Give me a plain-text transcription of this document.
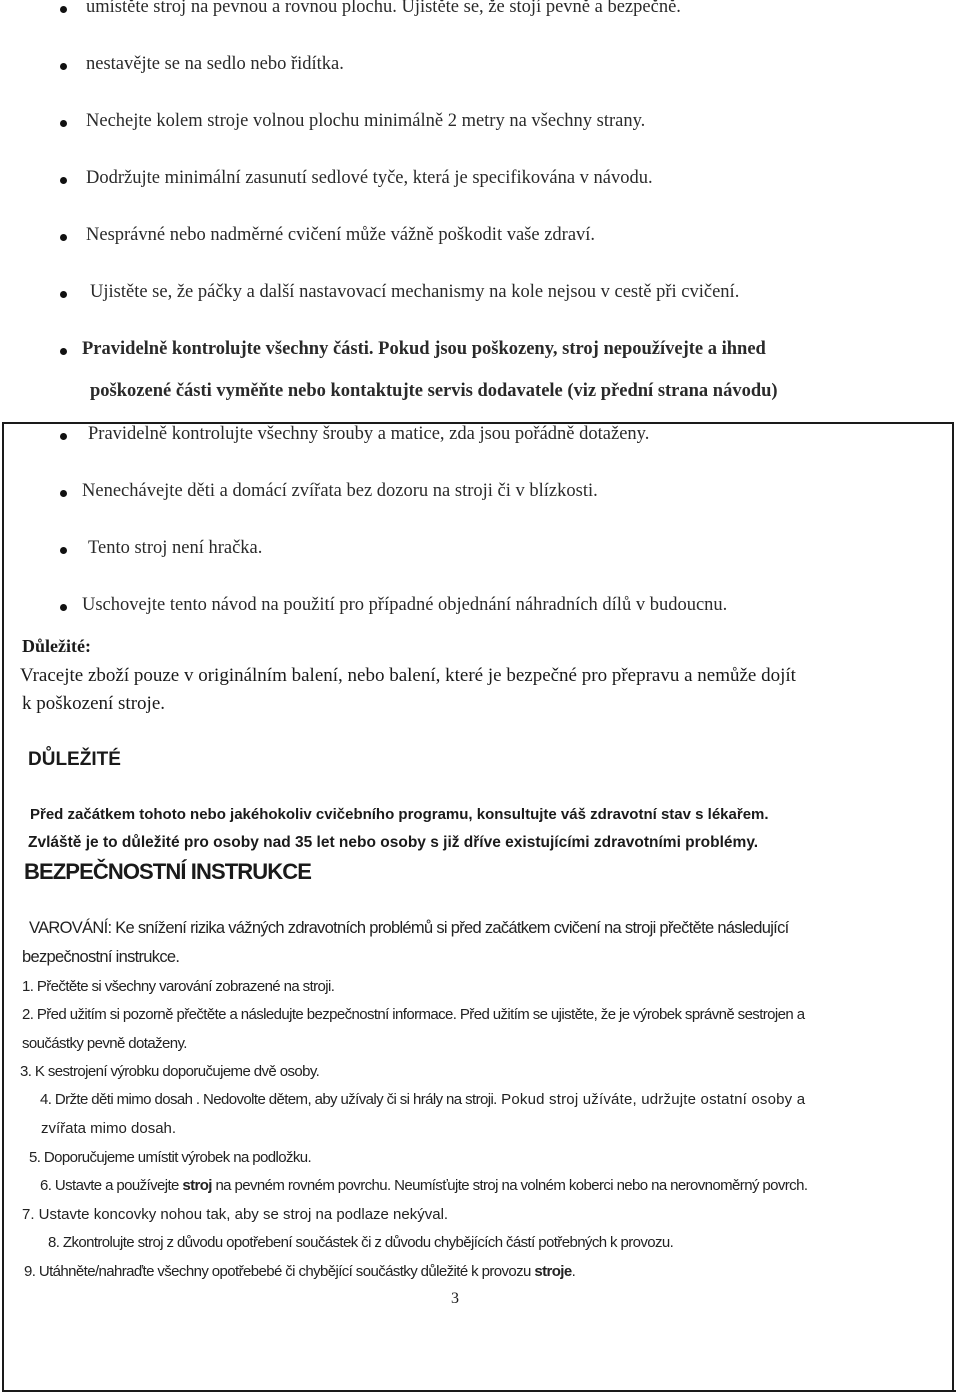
umístěte stroj na pevnou a rovnou plochu. Ujistěte se, že stojí pevně a bezpečně.
nestavějte se na sedlo nebo řidítka.
Nechejte kolem stroje volnou plochu minimálně 2 metry na všechny strany.
Dodržujte minimální zasunutí sedlové tyče, která je specifikována v návodu.
Nesprávné nebo nadměrné cvičení může vážně poškodit vaše zdraví.
Ujistěte se, že páčky a další nastavovací mechanismy na kole nejsou v cestě při cvičení.
Pravidelně kontrolujte všechny části. Pokud jsou poškozeny, stroj nepoužívejte a ihned
poškozené části vyměňte nebo kontaktujte servis dodavatele (viz přední strana návodu)
Pravidelně kontrolujte všechny šrouby a matice, zda jsou pořádně dotaženy.
Nenechávejte děti a domácí zvířata bez dozoru na stroji či v blízkosti.
Tento stroj není hračka.
Uschovejte tento návod na použití pro případné objednání náhradních dílů v budoucnu.
Důležité:
Vracejte zboží pouze v originálním balení, nebo balení, které je bezpečné pro přepravu a nemůže dojít
k poškození stroje.
DŮLEŽITÉ
Před začátkem tohoto nebo jakéhokoliv cvičebního programu, konsultujte váš zdravotní stav s lékařem.
Zvláště je to důležité pro osoby nad 35 let nebo osoby s již dříve existujícími zdravotními problémy.
BEZPEČNOSTNÍ INSTRUKCE
VAROVÁNÍ: Ke snížení rizika vážných zdravotních problémů si před začátkem cvičení na stroji přečtěte následující
bezpečnostní instrukce.
1. Přečtěte si všechny varování zobrazené na stroji.
2. Před užitím si pozorně přečtěte a následujte bezpečnostní informace. Před užitím se ujistěte, že je výrobek správně sestrojen a
součástky pevně dotaženy.
3. K sestrojení výrobku doporučujeme dvě osoby.
4. Držte děti mimo dosah . Nedovolte dětem, aby užívaly či si hrály na stroji. Pokud stroj užíváte, udržujte ostatní osoby a
zvířata mimo dosah.
5. Doporučujeme umístit výrobek na podložku.
6. Ustavte a používejte stroj na pevném rovném povrchu. Neumísťujte stroj na volném koberci nebo na nerovnoměrný povrch.
7. Ustavte koncovky nohou tak, aby se stroj na podlaze nekýval.
8. Zkontrolujte stroj z důvodu opotřebení součástek či z důvodu chybějících částí potřebných k provozu.
9. Utáhněte/nahraďte všechny opotřebebé či chybějící součástky důležité k provozu stroje.
3
